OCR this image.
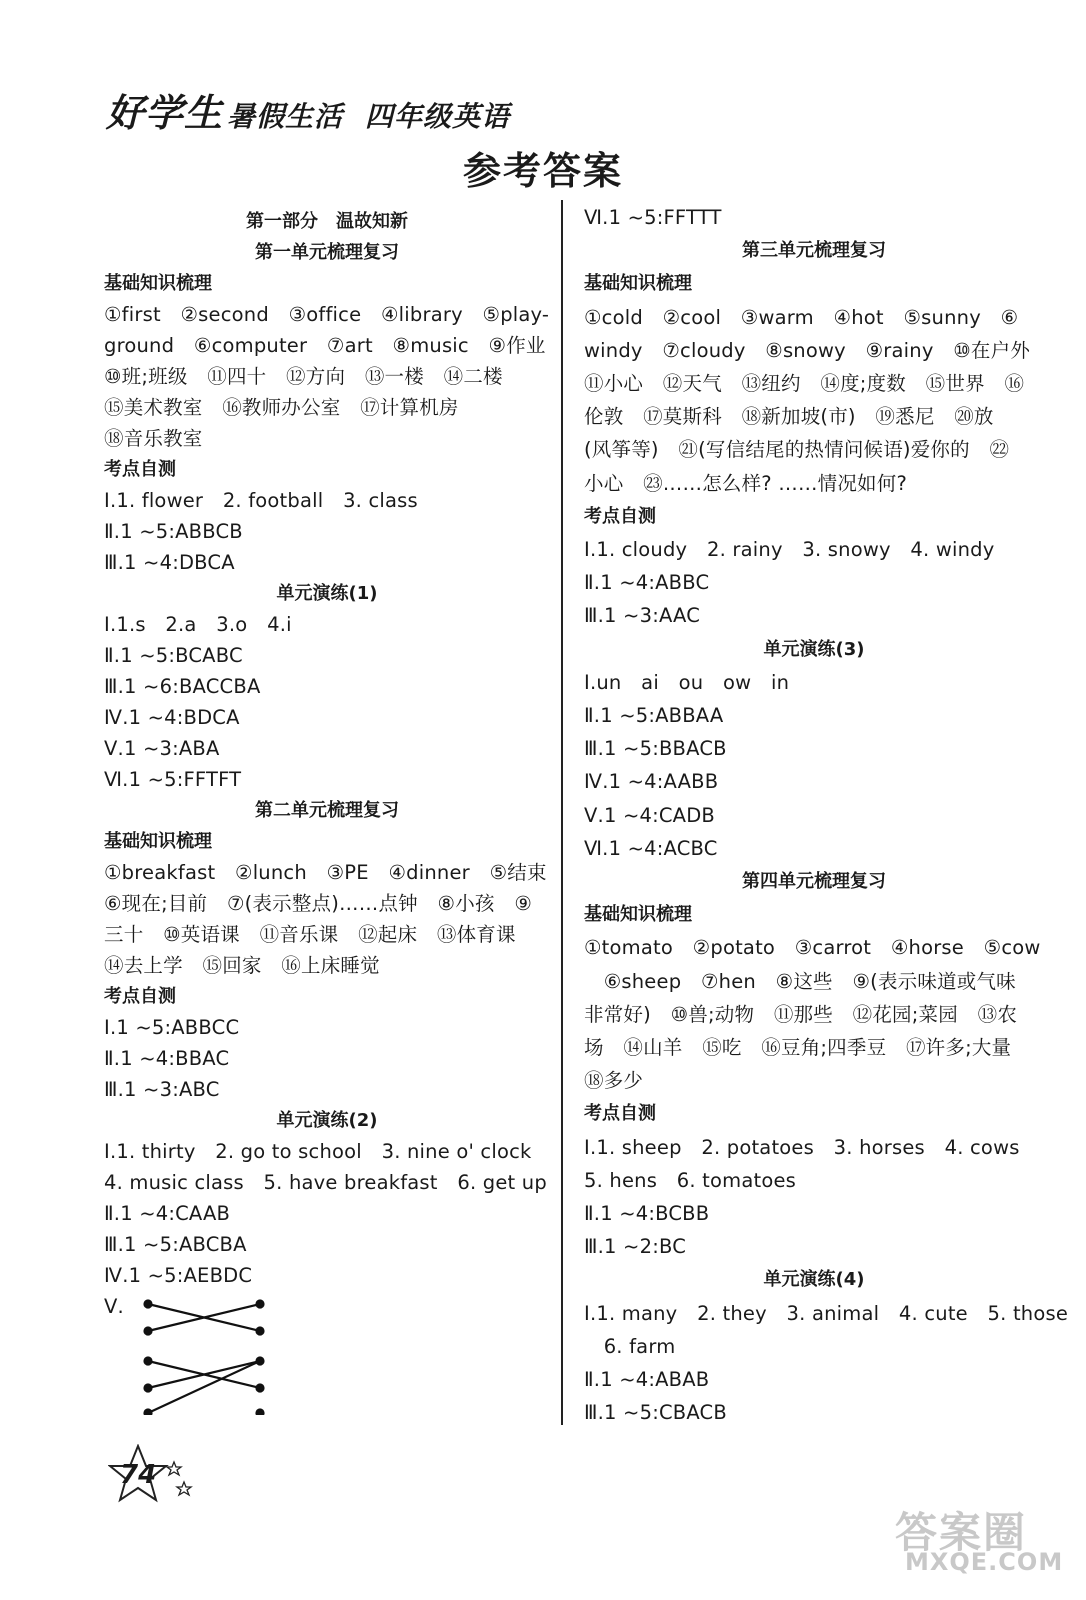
好学生 暑假生活 四年级英语
参考答案
第一部分　温故知新
第一单元梳理复习
基础知识梳理
①first　②second　③office　④library　⑤play-
ground　⑥computer　⑦art　⑧music　⑨作业
⑩班;班级　⑪四十　⑫方向　⑬一楼　⑭二楼
⑮美术教室　⑯教师办公室　⑰计算机房
⑱音乐教室
考点自测
Ⅰ.1. flower　2. football　3. class
Ⅱ.1 ~5:ABBCB
Ⅲ.1 ~4:DBCA
单元演练(1)
Ⅰ.1.s　2.a　3.o　4.i
Ⅱ.1 ~5:BCABC
Ⅲ.1 ~6:BACCBA
Ⅳ.1 ~4:BDCA
Ⅴ.1 ~3:ABA
Ⅵ.1 ~5:FFTFT
第二单元梳理复习
基础知识梳理
①breakfast　②lunch　③PE　④dinner　⑤结束
⑥现在;目前　⑦(表示整点)……点钟　⑧小孩　⑨
三十　⑩英语课　⑪音乐课　⑫起床　⑬体育课
⑭去上学　⑮回家　⑯上床睡觉
考点自测
Ⅰ.1 ~5:ABBCC
Ⅱ.1 ~4:BBAC
Ⅲ.1 ~3:ABC
单元演练(2)
Ⅰ.1. thirty　2. go to school　3. nine o' clock
4. music class　5. have breakfast　6. get up
Ⅱ.1 ~4:CAAB
Ⅲ.1 ~5:ABCBA
Ⅳ.1 ~5:AEBDC
Ⅴ.
Ⅵ.1 ~5:FFTTT
第三单元梳理复习
基础知识梳理
①cold　②cool　③warm　④hot　⑤sunny　⑥
windy　⑦cloudy　⑧snowy　⑨rainy　⑩在户外
⑪小心　⑫天气　⑬纽约　⑭度;度数　⑮世界　⑯
伦敦　⑰莫斯科　⑱新加坡(市)　⑲悉尼　⑳放
(风筝等)　㉑(写信结尾的热情问候语)爱你的　㉒
小心　㉓……怎么样? ……情况如何?
考点自测
Ⅰ.1. cloudy　2. rainy　3. snowy　4. windy
Ⅱ.1 ~4:ABBC
Ⅲ.1 ~3:AAC
单元演练(3)
Ⅰ.un　ai　ou　ow　in
Ⅱ.1 ~5:ABBAA
Ⅲ.1 ~5:BBACB
Ⅳ.1 ~4:AABB
Ⅴ.1 ~4:CADB
Ⅵ.1 ~4:ACBC
第四单元梳理复习
基础知识梳理
①tomato　②potato　③carrot　④horse　⑤cow
　⑥sheep　⑦hen　⑧这些　⑨(表示味道或气味
非常好)　⑩兽;动物　⑪那些　⑫花园;菜园　⑬农
场　⑭山羊　⑮吃　⑯豆角;四季豆　⑰许多;大量
⑱多少
考点自测
Ⅰ.1. sheep　2. potatoes　3. horses　4. cows
5. hens　6. tomatoes
Ⅱ.1 ~4:BCBB
Ⅲ.1 ~2:BC
单元演练(4)
Ⅰ.1. many　2. they　3. animal　4. cute　5. those
　6. farm
Ⅱ.1 ~4:ABAB
Ⅲ.1 ~5:CBACB
74
答案圈
MXQE.COM
